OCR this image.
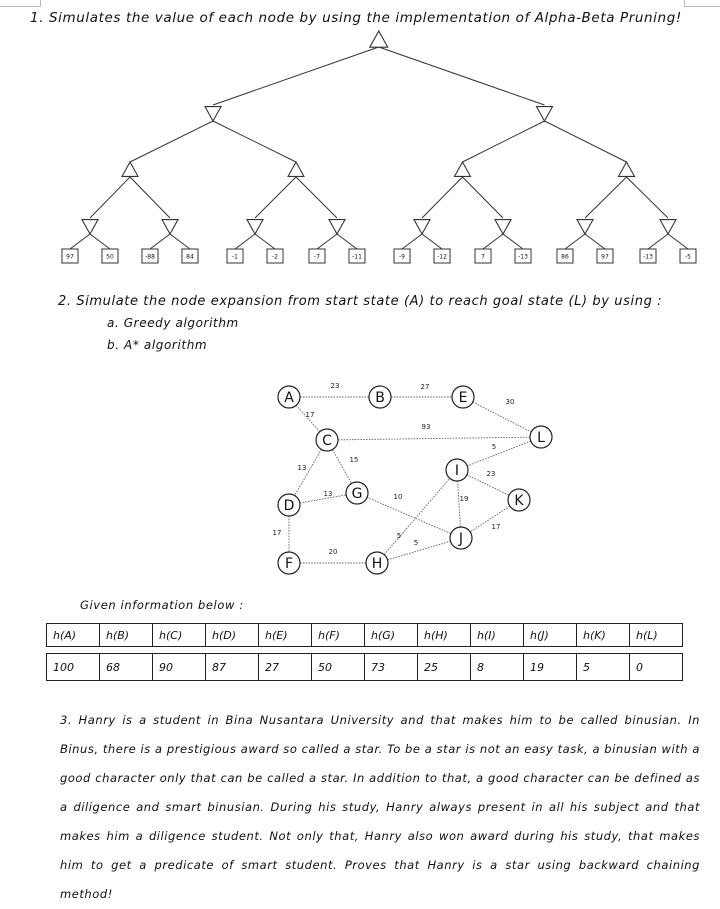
1. Simulates the value of each node by using the implementation of Alpha-Beta Pruning!
97	50	-88	84	-1	-2	-7	-11	-9	-12	7	-13	86	97	-13	-5
2. Simulate the node expansion from start state (A) to reach goal state (L) by using :
a. Greedy algorithm
b. A* algorithm
23	27
30
17
93
5
15
13
23
13	10	19
17
17	5
5
20
A	B	E
C	L
I
D
G	K
J
F	H
Given information below :
h(A)	h(B)	h(C)	h(D)	h(E)	h(F)	h(G)	h(H)	h(I)	h(J)	h(K)	h(L)

100	68	90	87	27	50	73	25	8	19	5	0
3. Hanry is a student in Bina Nusantara University and that makes him to be called binusian. In Binus, there is a prestigious award so called a star. To be a star is not an easy task, a binusian with a good character only that can be called a star. In addition to that, a good character can be defined as a diligence and smart binusian. During his study, Hanry always present in all his subject and that makes him a diligence student. Not only that, Hanry also won award during his study, that makes him to get a predicate of smart student. Proves that Hanry is a star using backward chaining method!
